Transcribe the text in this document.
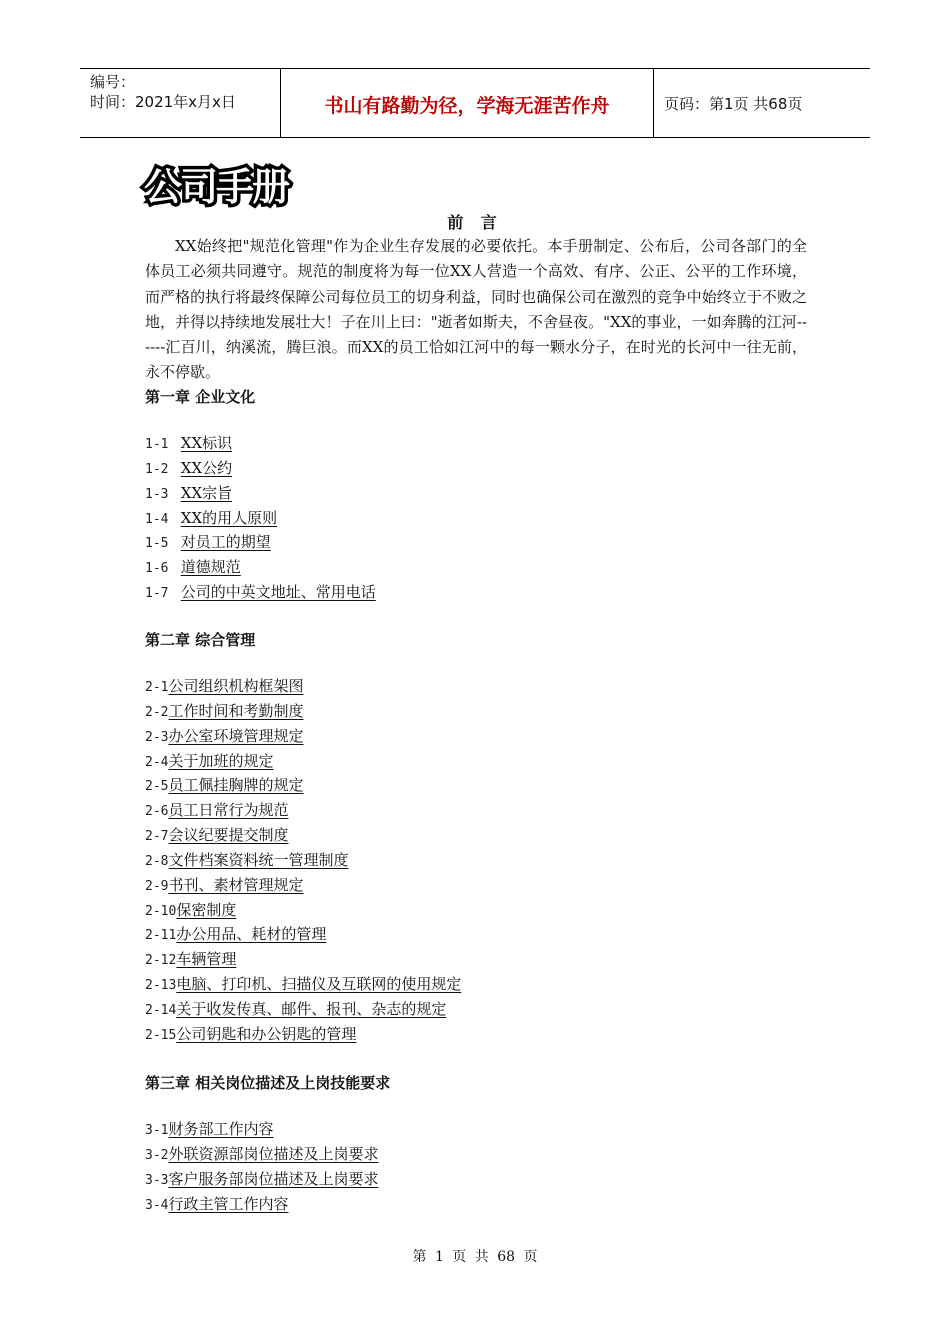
编号：
时间：2021年x月x日	书山有路勤为径，学海无涯苦作舟	页码：第1页 共68页
公司手册
前 言
XX始终把"规范化管理"作为企业生存发展的必要依托。本手册制定、公布后，公司各部门的全体员工必须共同遵守。规范的制度将为每一位XX人营造一个高效、有序、公正、公平的工作环境，而严格的执行将最终保障公司每位员工的切身利益，同时也确保公司在激烈的竞争中始终立于不败之地，并得以持续地发展壮大！子在川上曰："逝者如斯夫，不舍昼夜。"XX的事业，一如奔腾的江河------汇百川，纳溪流，腾巨浪。而XX的员工恰如江河中的每一颗水分子，在时光的长河中一往无前，永不停歇。
第一章 企业文化
1-1 XX标识
1-2 XX公约
1-3 XX宗旨
1-4 XX的用人原则
1-5 对员工的期望
1-6 道德规范
1-7 公司的中英文地址、常用电话
第二章 综合管理
2-1公司组织机构框架图
2-2工作时间和考勤制度
2-3办公室环境管理规定
2-4关于加班的规定
2-5员工佩挂胸牌的规定
2-6员工日常行为规范
2-7会议纪要提交制度
2-8文件档案资料统一管理制度
2-9书刊、素材管理规定
2-10保密制度
2-11办公用品、耗材的管理
2-12车辆管理
2-13电脑、打印机、扫描仪及互联网的使用规定
2-14关于收发传真、邮件、报刊、杂志的规定
2-15公司钥匙和办公钥匙的管理
第三章 相关岗位描述及上岗技能要求
3-1财务部工作内容
3-2外联资源部岗位描述及上岗要求
3-3客户服务部岗位描述及上岗要求
3-4行政主管工作内容
第 1 页 共 68 页
